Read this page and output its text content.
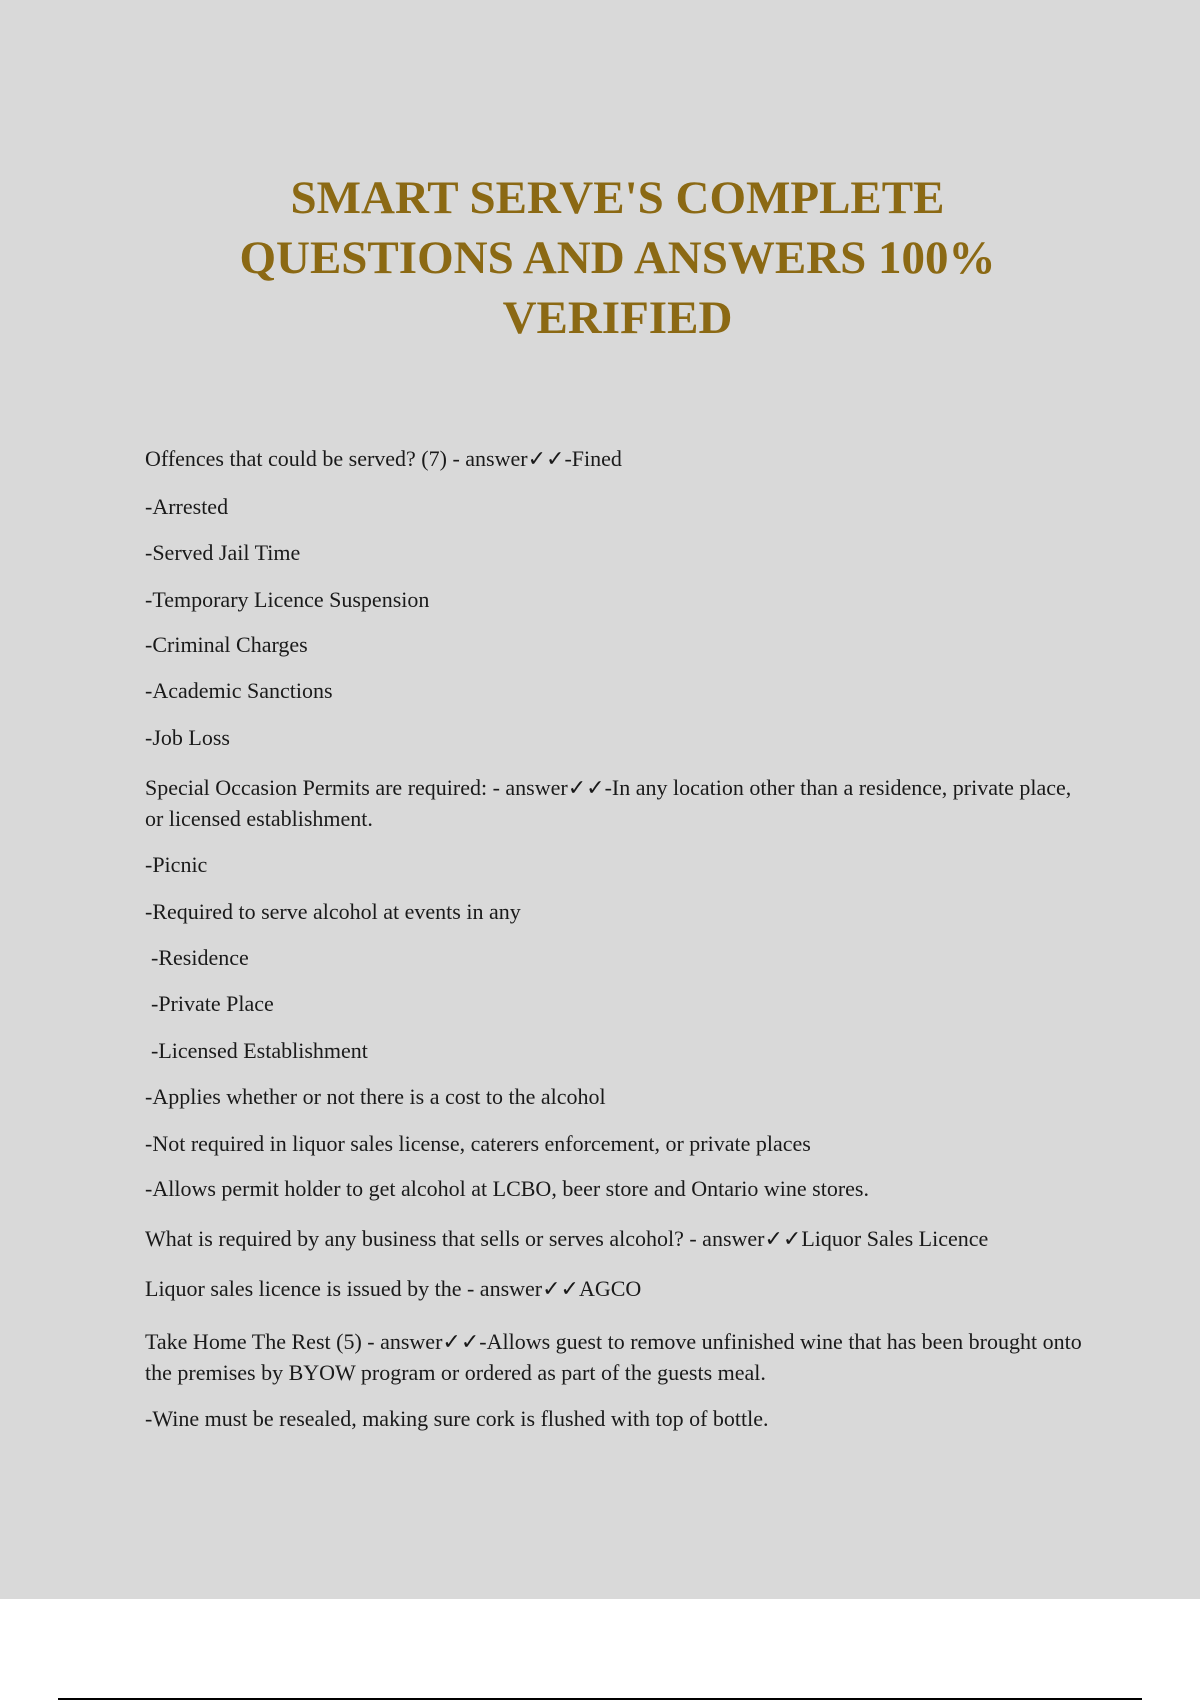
SMART SERVE'S COMPLETE
QUESTIONS AND ANSWERS 100%
VERIFIED

Offences that could be served? (7) - answer✓✓-Fined

-Arrested

-Served Jail Time

-Temporary Licence Suspension

-Criminal Charges

-Academic Sanctions

-Job Loss

Special Occasion Permits are required: - answer✓✓-In any location other than a residence, private place, or licensed establishment.

-Picnic

-Required to serve alcohol at events in any

-Residence

-Private Place

-Licensed Establishment

-Applies whether or not there is a cost to the alcohol

-Not required in liquor sales license, caterers enforcement, or private places

-Allows permit holder to get alcohol at LCBO, beer store and Ontario wine stores.

What is required by any business that sells or serves alcohol? - answer✓✓Liquor Sales Licence

Liquor sales licence is issued by the - answer✓✓AGCO

Take Home The Rest (5) - answer✓✓-Allows guest to remove unfinished wine that has been brought onto the premises by BYOW program or ordered as part of the guests meal.

-Wine must be resealed, making sure cork is flushed with top of bottle.
